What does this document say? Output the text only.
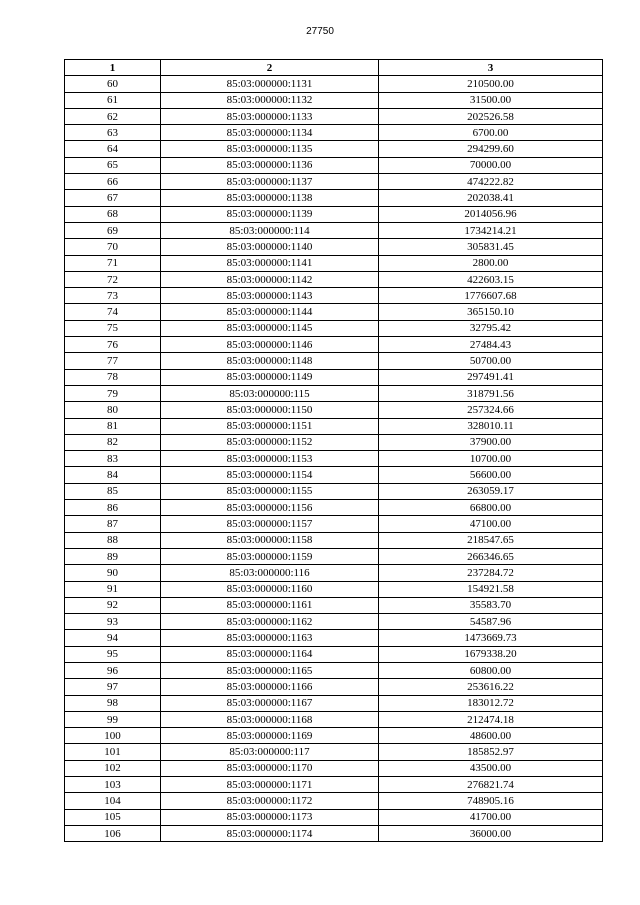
27750
1	2	3
60	85:03:000000:1131	210500.00
61	85:03:000000:1132	31500.00
62	85:03:000000:1133	202526.58
63	85:03:000000:1134	6700.00
64	85:03:000000:1135	294299.60
65	85:03:000000:1136	70000.00
66	85:03:000000:1137	474222.82
67	85:03:000000:1138	202038.41
68	85:03:000000:1139	2014056.96
69	85:03:000000:114	1734214.21
70	85:03:000000:1140	305831.45
71	85:03:000000:1141	2800.00
72	85:03:000000:1142	422603.15
73	85:03:000000:1143	1776607.68
74	85:03:000000:1144	365150.10
75	85:03:000000:1145	32795.42
76	85:03:000000:1146	27484.43
77	85:03:000000:1148	50700.00
78	85:03:000000:1149	297491.41
79	85:03:000000:115	318791.56
80	85:03:000000:1150	257324.66
81	85:03:000000:1151	328010.11
82	85:03:000000:1152	37900.00
83	85:03:000000:1153	10700.00
84	85:03:000000:1154	56600.00
85	85:03:000000:1155	263059.17
86	85:03:000000:1156	66800.00
87	85:03:000000:1157	47100.00
88	85:03:000000:1158	218547.65
89	85:03:000000:1159	266346.65
90	85:03:000000:116	237284.72
91	85:03:000000:1160	154921.58
92	85:03:000000:1161	35583.70
93	85:03:000000:1162	54587.96
94	85:03:000000:1163	1473669.73
95	85:03:000000:1164	1679338.20
96	85:03:000000:1165	60800.00
97	85:03:000000:1166	253616.22
98	85:03:000000:1167	183012.72
99	85:03:000000:1168	212474.18
100	85:03:000000:1169	48600.00
101	85:03:000000:117	185852.97
102	85:03:000000:1170	43500.00
103	85:03:000000:1171	276821.74
104	85:03:000000:1172	748905.16
105	85:03:000000:1173	41700.00
106	85:03:000000:1174	36000.00
